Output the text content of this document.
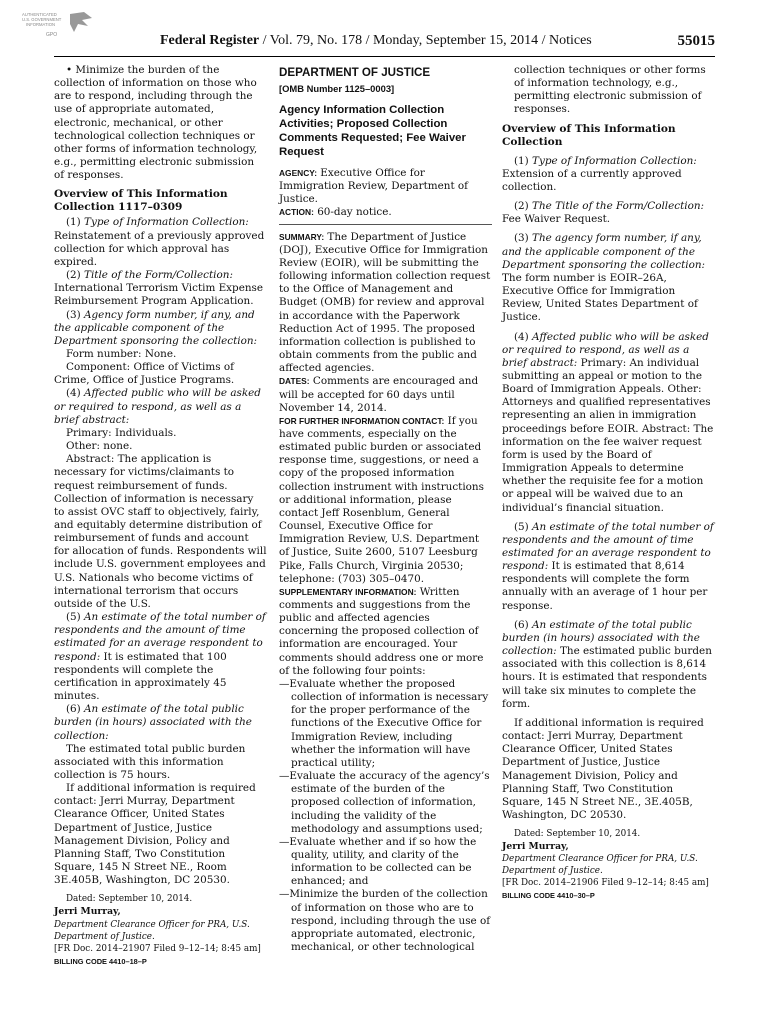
AUTHENTICATED
U.S. GOVERNMENT
INFORMATION
GPO	Federal Register / Vol. 79, No. 178 / Monday, September 15, 2014 / Notices	55015

• Minimize the burden of the collection of information on those who are to respond, including through the use of appropriate automated, electronic, mechanical, or other technological collection techniques or other forms of information technology, e.g., permitting electronic submission of responses.

Overview of This Information Collection 1117–0309

(1) Type of Information Collection: Reinstatement of a previously approved collection for which approval has expired.

(2) Title of the Form/Collection: International Terrorism Victim Expense Reimbursement Program Application.

(3) Agency form number, if any, and the applicable component of the Department sponsoring the collection:

Form number: None.

Component: Office of Victims of Crime, Office of Justice Programs.

(4) Affected public who will be asked or required to respond, as well as a brief abstract:

Primary: Individuals.

Other: none.

Abstract: The application is necessary for victims/claimants to request reimbursement of funds. Collection of information is necessary to assist OVC staff to objectively, fairly, and equitably determine distribution of reimbursement of funds and account for allocation of funds. Respondents will include U.S. government employees and U.S. Nationals who become victims of international terrorism that occurs outside of the U.S.

(5) An estimate of the total number of respondents and the amount of time estimated for an average respondent to respond: It is estimated that 100 respondents will complete the certification in approximately 45 minutes.

(6) An estimate of the total public burden (in hours) associated with the collection:

The estimated total public burden associated with this information collection is 75 hours.

If additional information is required contact: Jerri Murray, Department Clearance Officer, United States Department of Justice, Justice Management Division, Policy and Planning Staff, Two Constitution Square, 145 N Street NE., Room 3E.405B, Washington, DC 20530.

Dated: September 10, 2014.

Jerri Murray,

Department Clearance Officer for PRA, U.S. Department of Justice.

[FR Doc. 2014–21907 Filed 9–12–14; 8:45 am]

BILLING CODE 4410–18–P

DEPARTMENT OF JUSTICE
[OMB Number 1125–0003]
Agency Information Collection Activities; Proposed Collection Comments Requested; Fee Waiver Request

AGENCY: Executive Office for Immigration Review, Department of Justice.

ACTION: 60-day notice.

SUMMARY: The Department of Justice (DOJ), Executive Office for Immigration Review (EOIR), will be submitting the following information collection request to the Office of Management and Budget (OMB) for review and approval in accordance with the Paperwork Reduction Act of 1995. The proposed information collection is published to obtain comments from the public and affected agencies.

DATES: Comments are encouraged and will be accepted for 60 days until November 14, 2014.

FOR FURTHER INFORMATION CONTACT: If you have comments, especially on the estimated public burden or associated response time, suggestions, or need a copy of the proposed information collection instrument with instructions or additional information, please contact Jeff Rosenblum, General Counsel, Executive Office for Immigration Review, U.S. Department of Justice, Suite 2600, 5107 Leesburg Pike, Falls Church, Virginia 20530; telephone: (703) 305–0470.

SUPPLEMENTARY INFORMATION: Written comments and suggestions from the public and affected agencies concerning the proposed collection of information are encouraged. Your comments should address one or more of the following four points:

—Evaluate whether the proposed collection of information is necessary for the proper performance of the functions of the Executive Office for Immigration Review, including whether the information will have practical utility;

—Evaluate the accuracy of the agency’s estimate of the burden of the proposed collection of information, including the validity of the methodology and assumptions used;

—Evaluate whether and if so how the quality, utility, and clarity of the information to be collected can be enhanced; and

—Minimize the burden of the collection of information on those who are to respond, including through the use of appropriate automated, electronic, mechanical, or other technological

collection techniques or other forms of information technology, e.g., permitting electronic submission of responses.

Overview of This Information Collection

(1) Type of Information Collection: Extension of a currently approved collection.

(2) The Title of the Form/Collection: Fee Waiver Request.

(3) The agency form number, if any, and the applicable component of the Department sponsoring the collection: The form number is EOIR–26A, Executive Office for Immigration Review, United States Department of Justice.

(4) Affected public who will be asked or required to respond, as well as a brief abstract: Primary: An individual submitting an appeal or motion to the Board of Immigration Appeals. Other: Attorneys and qualified representatives representing an alien in immigration proceedings before EOIR. Abstract: The information on the fee waiver request form is used by the Board of Immigration Appeals to determine whether the requisite fee for a motion or appeal will be waived due to an individual’s financial situation.

(5) An estimate of the total number of respondents and the amount of time estimated for an average respondent to respond: It is estimated that 8,614 respondents will complete the form annually with an average of 1 hour per response.

(6) An estimate of the total public burden (in hours) associated with the collection: The estimated public burden associated with this collection is 8,614 hours. It is estimated that respondents will take six minutes to complete the form.

If additional information is required contact: Jerri Murray, Department Clearance Officer, United States Department of Justice, Justice Management Division, Policy and Planning Staff, Two Constitution Square, 145 N Street NE., 3E.405B, Washington, DC 20530.

Dated: September 10, 2014.

Jerri Murray,

Department Clearance Officer for PRA, U.S. Department of Justice.

[FR Doc. 2014–21906 Filed 9–12–14; 8:45 am]

BILLING CODE 4410–30–P
